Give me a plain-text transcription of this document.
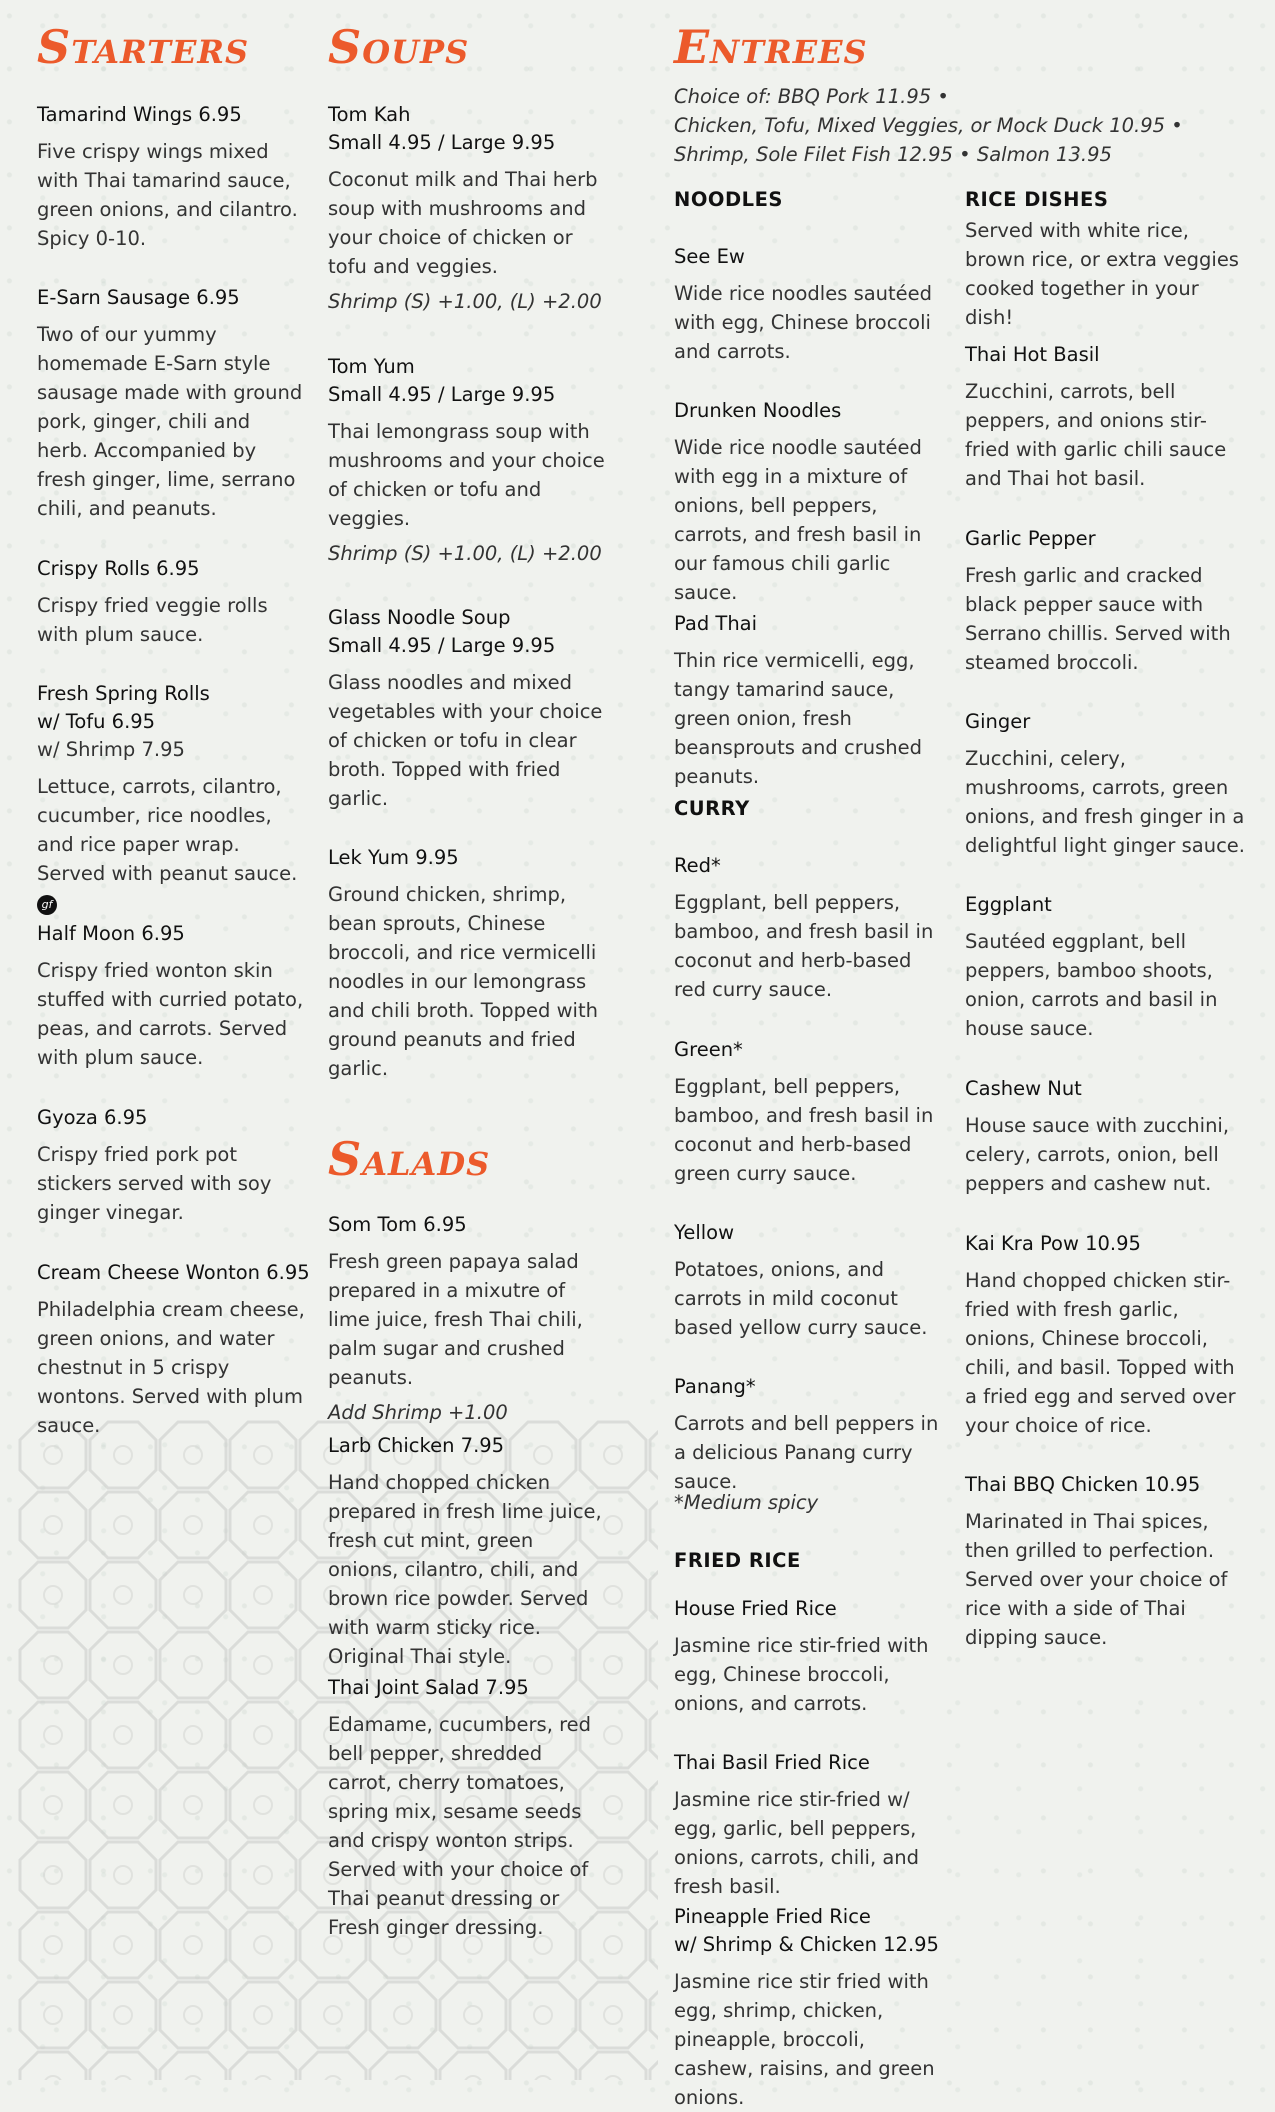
Starters

Tamarind Wings 6.95

Five crispy wings mixed with Thai tamarind sauce, green onions, and cilantro.

Spicy 0-10.

E-Sarn Sausage 6.95

Two of our yummy homemade E-Sarn style sausage made with ground pork, ginger, chili and herb. Accompanied by fresh ginger, lime, serrano chili, and peanuts.

Crispy Rolls 6.95

Crispy fried veggie rolls with plum sauce.

Fresh Spring Rolls

w/ Tofu 6.95

w/ Shrimp 7.95

Lettuce, carrots, cilantro, cucumber, rice noodles, and rice paper wrap. Served with peanut sauce. gf

Half Moon 6.95

Crispy fried wonton skin stuffed with curried potato, peas, and carrots. Served with plum sauce.

Gyoza 6.95

Crispy fried pork pot stickers served with soy ginger vinegar.

Cream Cheese Wonton 6.95

Philadelphia cream cheese, green onions, and water chestnut in 5 crispy wontons. Served with plum sauce.

Soups

Tom Kah

Small 4.95 / Large 9.95

Coconut milk and Thai herb soup with mushrooms and your choice of chicken or tofu and veggies.

Shrimp (S) +1.00, (L) +2.00

Tom Yum

Small 4.95 / Large 9.95

Thai lemongrass soup with mushrooms and your choice of chicken or tofu and veggies.

Shrimp (S) +1.00, (L) +2.00

Glass Noodle Soup

Small 4.95 / Large 9.95

Glass noodles and mixed vegetables with your choice of chicken or tofu in clear broth. Topped with fried garlic.

Lek Yum 9.95

Ground chicken, shrimp, bean sprouts, Chinese broccoli, and rice vermicelli noodles in our lemongrass and chili broth. Topped with ground peanuts and fried garlic.

Salads

Som Tom 6.95

Fresh green papaya salad prepared in a mixutre of lime juice, fresh Thai chili, palm sugar and crushed peanuts.

Add Shrimp +1.00

Larb Chicken 7.95

Hand chopped chicken prepared in fresh lime juice, fresh cut mint, green onions, cilantro, chili, and brown rice powder. Served with warm sticky rice. Original Thai style.

Thai Joint Salad 7.95

Edamame, cucumbers, red bell pepper, shredded carrot, cherry tomatoes, spring mix, sesame seeds and crispy wonton strips. Served with your choice of Thai peanut dressing or Fresh ginger dressing.

Entrees

Choice of: BBQ Pork 11.95 •

Chicken, Tofu, Mixed Veggies, or Mock Duck 10.95 •

Shrimp, Sole Filet Fish 12.95 • Salmon 13.95

NOODLES

See Ew

Wide rice noodles sautéed with egg, Chinese broccoli and carrots.

Drunken Noodles

Wide rice noodle sautéed with egg in a mixture of onions, bell peppers, carrots, and fresh basil in our famous chili garlic sauce.

Pad Thai

Thin rice vermicelli, egg, tangy tamarind sauce, green onion, fresh beansprouts and crushed peanuts.

CURRY

Red*

Eggplant, bell peppers, bamboo, and fresh basil in coconut and herb-based red curry sauce.

Green*

Eggplant, bell peppers, bamboo, and fresh basil in coconut and herb-based green curry sauce.

Yellow

Potatoes, onions, and carrots in mild coconut based yellow curry sauce.

Panang*

Carrots and bell peppers in a delicious Panang curry sauce.

*Medium spicy

FRIED RICE

House Fried Rice

Jasmine rice stir-fried with egg, Chinese broccoli, onions, and carrots.

Thai Basil Fried Rice

Jasmine rice stir-fried w/ egg, garlic, bell peppers, onions, carrots, chili, and fresh basil.

Pineapple Fried Rice

w/ Shrimp & Chicken 12.95

Jasmine rice stir fried with egg, shrimp, chicken, pineapple, broccoli, cashew, raisins, and green onions.

RICE DISHES

Served with white rice, brown rice, or extra veggies cooked together in your dish!

Thai Hot Basil

Zucchini, carrots, bell peppers, and onions stir-fried with garlic chili sauce and Thai hot basil.

Garlic Pepper

Fresh garlic and cracked black pepper sauce with Serrano chillis. Served with steamed broccoli.

Ginger

Zucchini, celery, mushrooms, carrots, green onions, and fresh ginger in a delightful light ginger sauce.

Eggplant

Sautéed eggplant, bell peppers, bamboo shoots, onion, carrots and basil in house sauce.

Cashew Nut

House sauce with zucchini, celery, carrots, onion, bell peppers and cashew nut.

Kai Kra Pow 10.95

Hand chopped chicken stir-fried with fresh garlic, onions, Chinese broccoli, chili, and basil. Topped with a fried egg and served over your choice of rice.

Thai BBQ Chicken 10.95

Marinated in Thai spices, then grilled to perfection. Served over your choice of rice with a side of Thai dipping sauce.
